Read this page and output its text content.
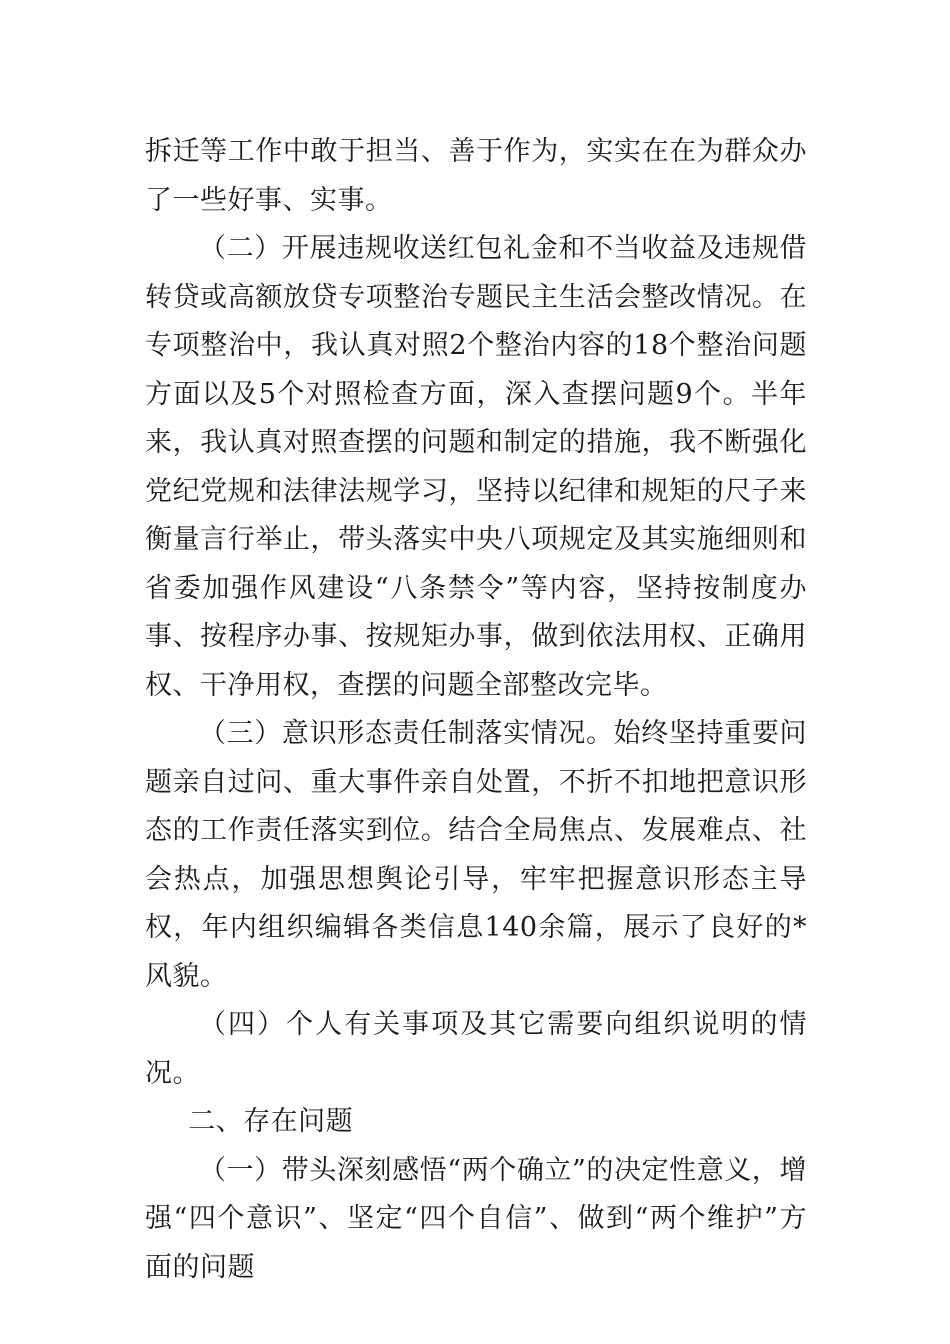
拆迁等工作中敢于担当、善于作为，实实在在为群众办了一些好事、实事。

（二）开展违规收送红包礼金和不当收益及违规借转贷或高额放贷专项整治专题民主生活会整改情况。在专项整治中，我认真对照2个整治内容的18个整治问题方面以及5个对照检查方面，深入查摆问题9个。半年来，我认真对照查摆的问题和制定的措施，我不断强化党纪党规和法律法规学习，坚持以纪律和规矩的尺子来衡量言行举止，带头落实中央八项规定及其实施细则和省委加强作风建设“八条禁令”等内容，坚持按制度办事、按程序办事、按规矩办事，做到依法用权、正确用权、干净用权，查摆的问题全部整改完毕。

（三）意识形态责任制落实情况。始终坚持重要问题亲自过问、重大事件亲自处置，不折不扣地把意识形态的工作责任落实到位。结合全局焦点、发展难点、社会热点，加强思想舆论引导，牢牢把握意识形态主导权，年内组织编辑各类信息140余篇，展示了良好的*风貌。

（四）个人有关事项及其它需要向组织说明的情况。

二、存在问题

（一）带头深刻感悟“两个确立”的决定性意义，增强“四个意识”、坚定“四个自信”、做到“两个维护”方面的问题
